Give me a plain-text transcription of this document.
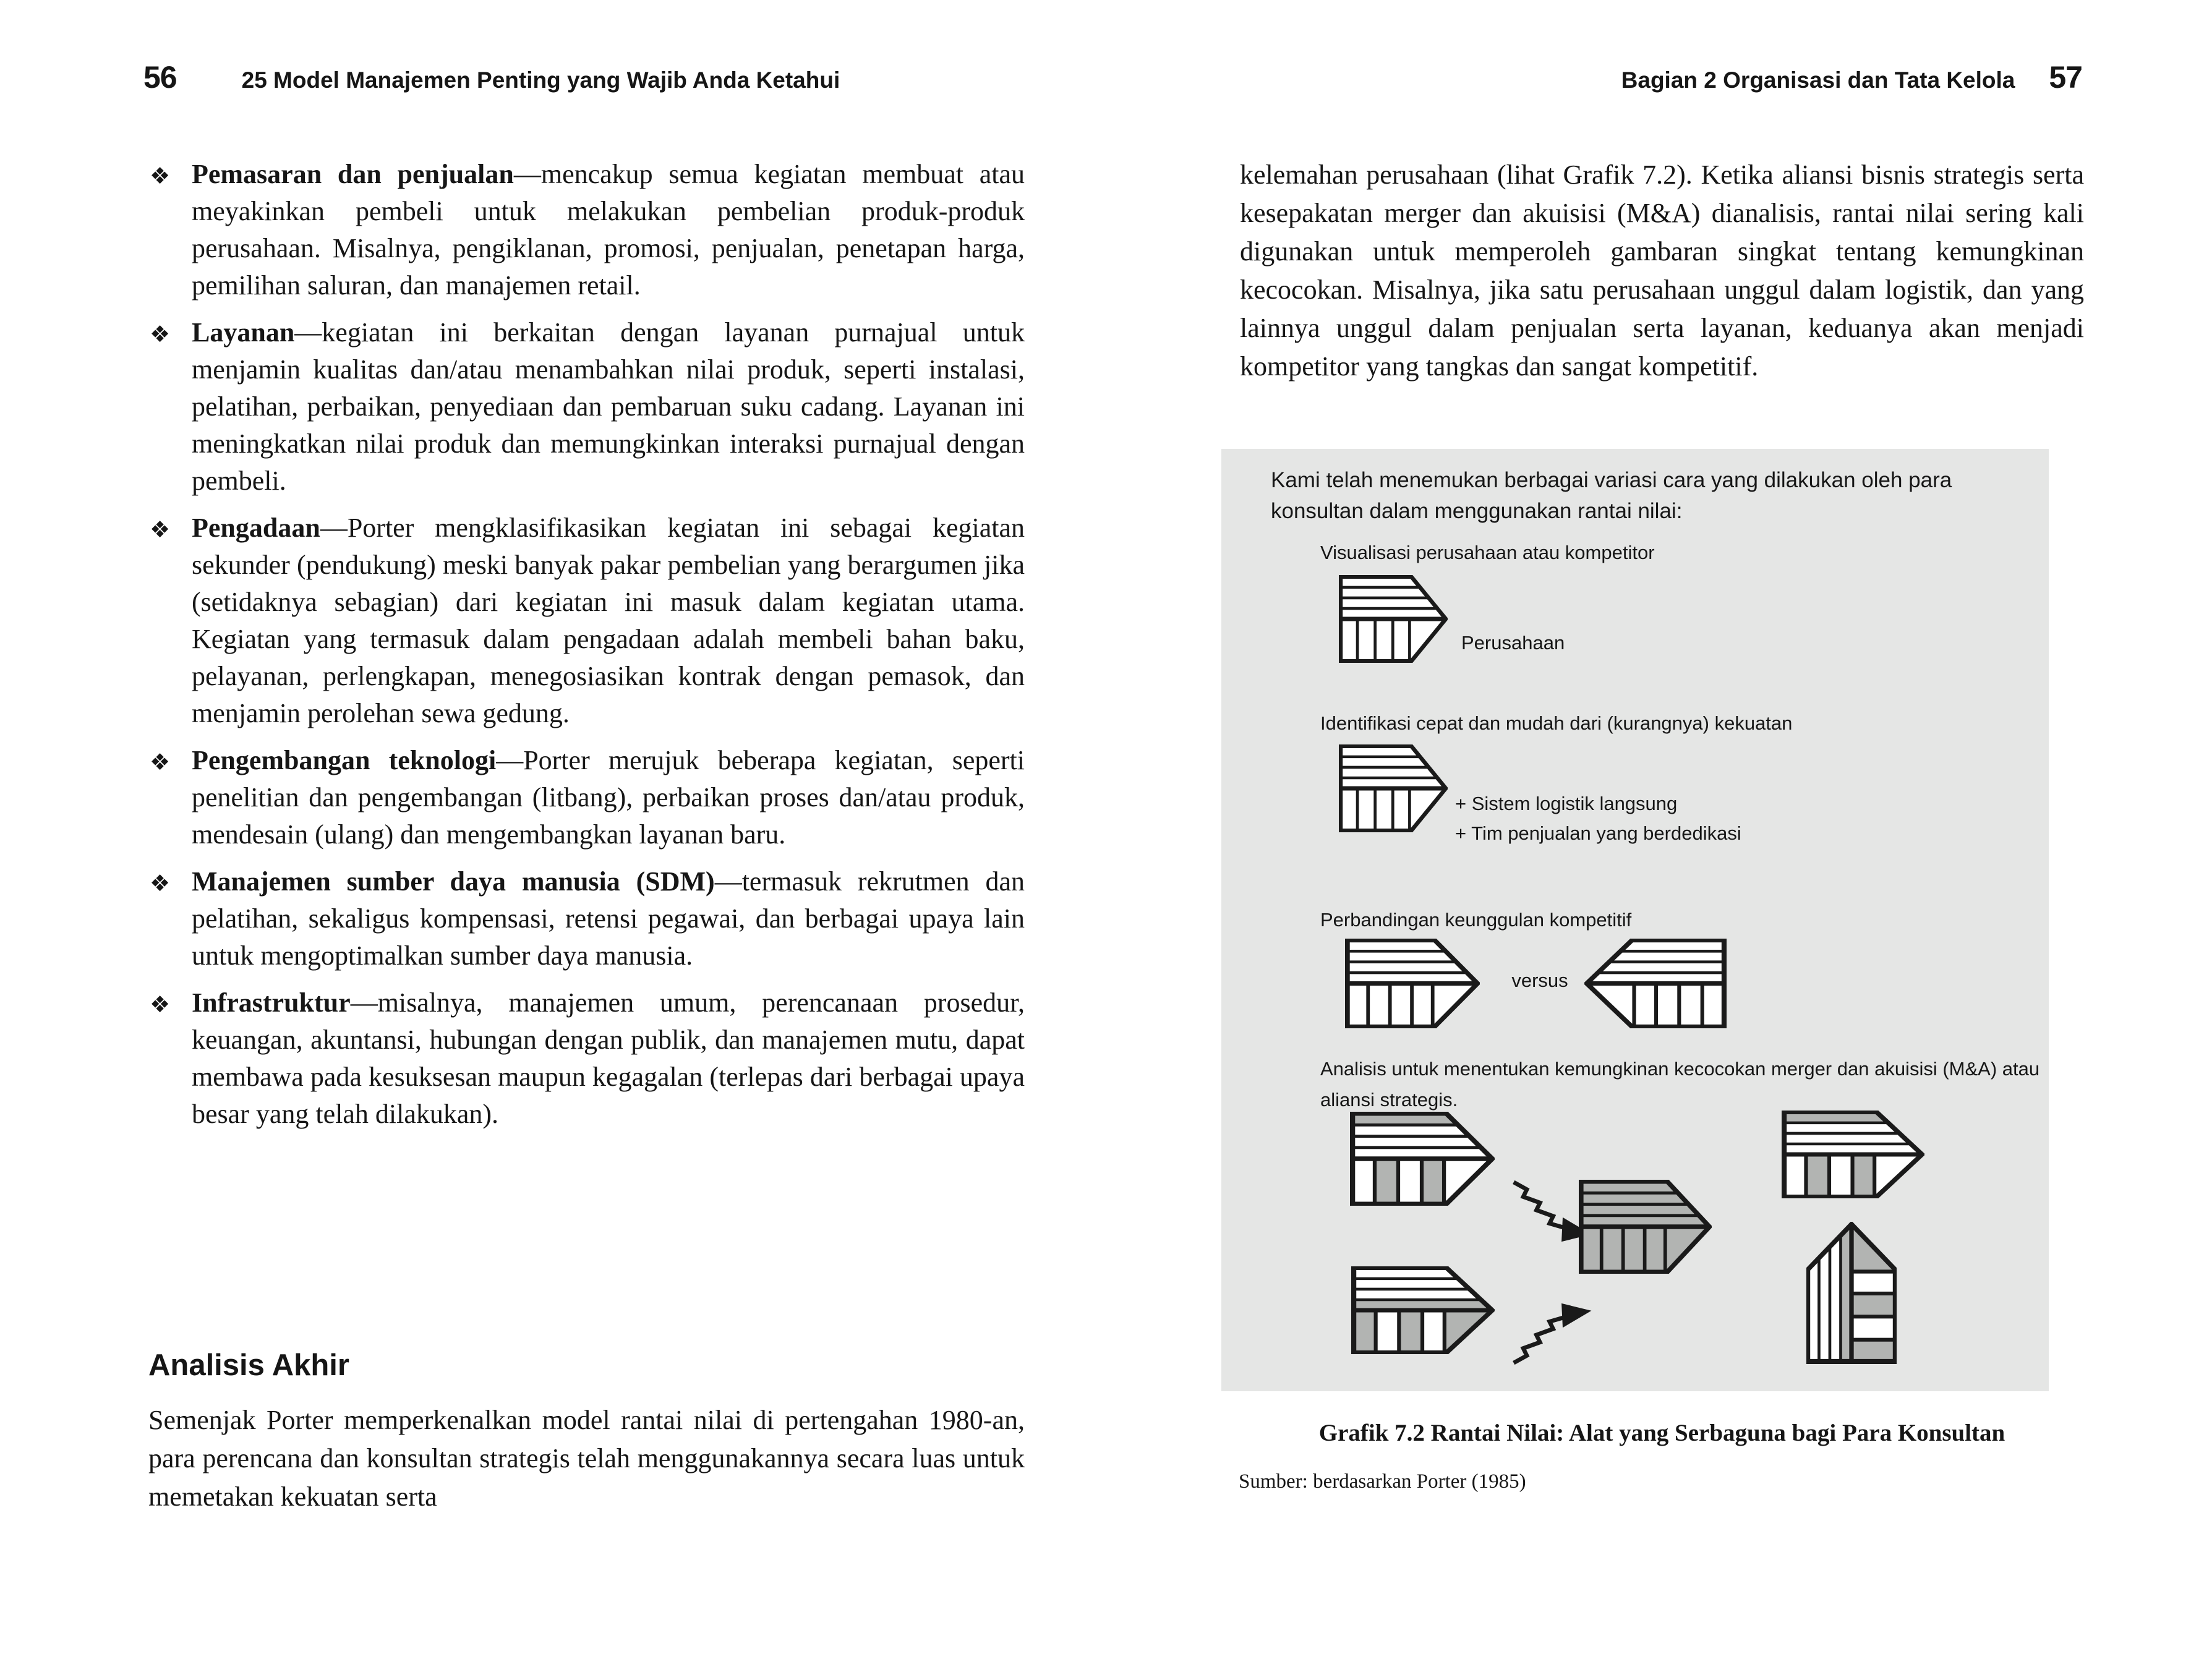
56	25 Model Manajemen Penting yang Wajib Anda Ketahui
❖ Pemasaran dan penjualan—mencakup semua kegiatan membuat atau meyakinkan pembeli untuk melakukan pembelian produk-produk perusahaan. Misalnya, pengiklanan, promosi, penjualan, penetapan harga, pemilihan saluran, dan manajemen retail.
❖ Layanan—kegiatan ini berkaitan dengan layanan purnajual untuk menjamin kualitas dan/atau menambahkan nilai produk, seperti instalasi, pelatihan, perbaikan, penyediaan dan pembaruan suku cadang. Layanan ini meningkatkan nilai produk dan memungkinkan interaksi purnajual dengan pembeli.
❖ Pengadaan—Porter mengklasifikasikan kegiatan ini sebagai kegiatan sekunder (pendukung) meski banyak pakar pembelian yang berargumen jika (setidaknya sebagian) dari kegiatan ini masuk dalam kegiatan utama. Kegiatan yang termasuk dalam pengadaan adalah membeli bahan baku, pelayanan, perlengkapan, menegosiasikan kontrak dengan pemasok, dan menjamin perolehan sewa gedung.
❖ Pengembangan teknologi—Porter merujuk beberapa kegiatan, seperti penelitian dan pengembangan (litbang), perbaikan proses dan/atau produk, mendesain (ulang) dan mengembangkan layanan baru.
❖ Manajemen sumber daya manusia (SDM)—termasuk rekrutmen dan pelatihan, sekaligus kompensasi, retensi pegawai, dan berbagai upaya lain untuk mengoptimalkan sumber daya manusia.
❖ Infrastruktur—misalnya, manajemen umum, perencanaan prosedur, keuangan, akuntansi, hubungan dengan publik, dan manajemen mutu, dapat membawa pada kesuksesan maupun kegagalan (terlepas dari berbagai upaya besar yang telah dilakukan).
Analisis Akhir

Semenjak Porter memperkenalkan model rantai nilai di pertengahan 1980-an, para perencana dan konsultan strategis telah menggunakannya secara luas untuk memetakan kekuatan serta

Bagian 2 Organisasi dan Tata Kelola 57

kelemahan perusahaan (lihat Grafik 7.2). Ketika aliansi bisnis strategis serta kesepakatan merger dan akuisisi (M&A) dianalisis, rantai nilai sering kali digunakan untuk memperoleh gambaran singkat tentang kemungkinan kecocokan. Misalnya, jika satu perusahaan unggul dalam logistik, dan yang lainnya unggul dalam penjualan serta layanan, keduanya akan menjadi kompetitor yang tangkas dan sangat kompetitif.

Kami telah menemukan berbagai variasi cara yang dilakukan oleh para konsultan dalam menggunakan rantai nilai:

Visualisasi perusahaan atau kompetitor
Perusahaan
Identifikasi cepat dan mudah dari (kurangnya) kekuatan
+ Sistem logistik langsung
+ Tim penjualan yang berdedikasi
Perbandingan keunggulan kompetitif
versus
Analisis untuk menentukan kemungkinan kecocokan merger dan akuisisi (M&A) atau aliansi strategis.
Grafik 7.2 Rantai Nilai: Alat yang Serbaguna bagi Para Konsultan
Sumber: berdasarkan Porter (1985)
